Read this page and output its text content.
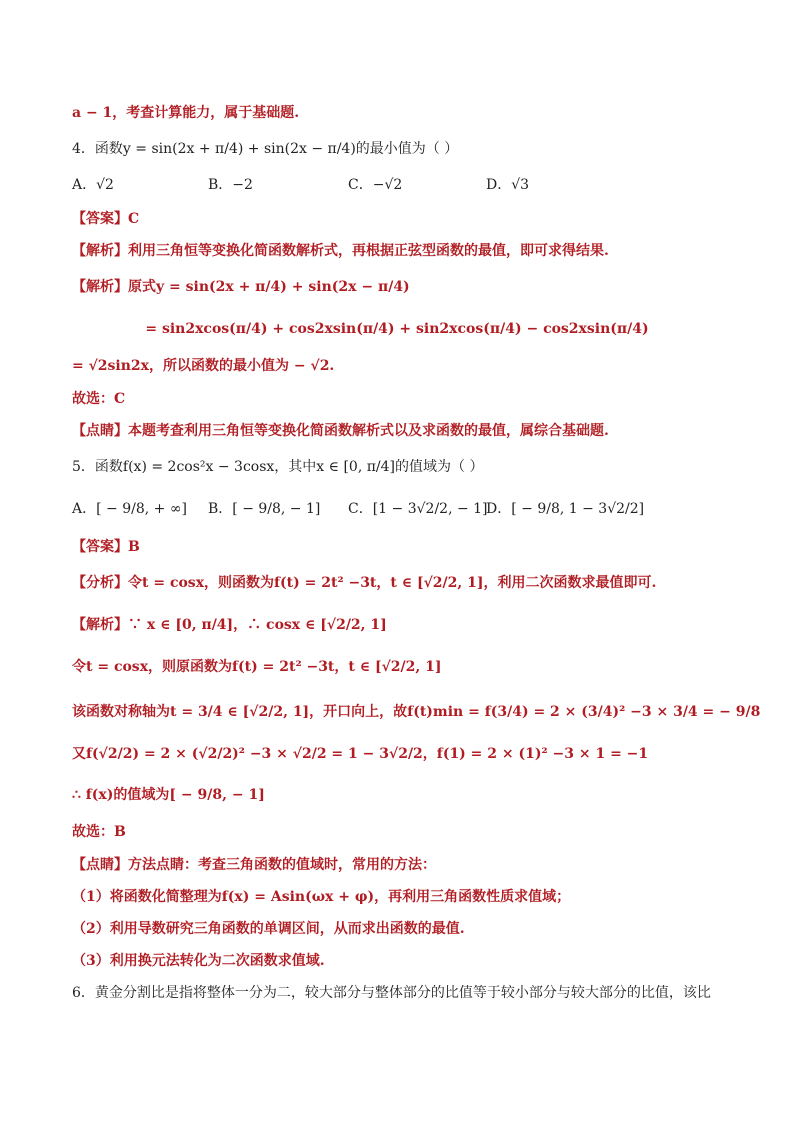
a − 1，考查计算能力，属于基础题.
4．函数y = sin(2x + π/4) + sin(2x − π/4)的最小值为（ ）
A．√2	B．−2	C．−√2	D．√3
【答案】C
【解析】利用三角恒等变换化简函数解析式，再根据正弦型函数的最值，即可求得结果.
【解析】原式y = sin(2x + π/4) + sin(2x − π/4)
= sin2xcos(π/4) + cos2xsin(π/4) + sin2xcos(π/4) − cos2xsin(π/4)
= √2sin2x，所以函数的最小值为 − √2.
故选：C
【点睛】本题考查利用三角恒等变换化简函数解析式以及求函数的最值，属综合基础题.
5．函数f(x) = 2cos²x − 3cosx，其中x ∈ [0, π/4]的值域为（ ）
A．[ − 9/8, + ∞] B．[ − 9/8, − 1] C．[1 − 3√2/2, − 1]
D．[ − 9/8, 1 − 3√2/2]
【答案】B
【分析】令t = cosx，则函数为f(t) = 2t² −3t，t ∈ [√2/2, 1]，利用二次函数求最值即可.
【解析】∵ x ∈ [0, π/4]，∴ cosx ∈ [√2/2, 1]
令t = cosx，则原函数为f(t) = 2t² −3t，t ∈ [√2/2, 1]
该函数对称轴为t = 3/4 ∈ [√2/2, 1]，开口向上，故f(t)min = f(3/4) = 2 × (3/4)² −3 × 3/4 = − 9/8
又f(√2/2) = 2 × (√2/2)² −3 × √2/2 = 1 − 3√2/2，f(1) = 2 × (1)² −3 × 1 = −1
∴ f(x)的值域为[ − 9/8, − 1]
故选：B
【点睛】方法点睛：考查三角函数的值域时，常用的方法：
（1）将函数化简整理为f(x) = Asin(ωx + φ)，再利用三角函数性质求值域；
（2）利用导数研究三角函数的单调区间，从而求出函数的最值.
（3）利用换元法转化为二次函数求值域.
6．黄金分割比是指将整体一分为二，较大部分与整体部分的比值等于较小部分与较大部分的比值，该比
